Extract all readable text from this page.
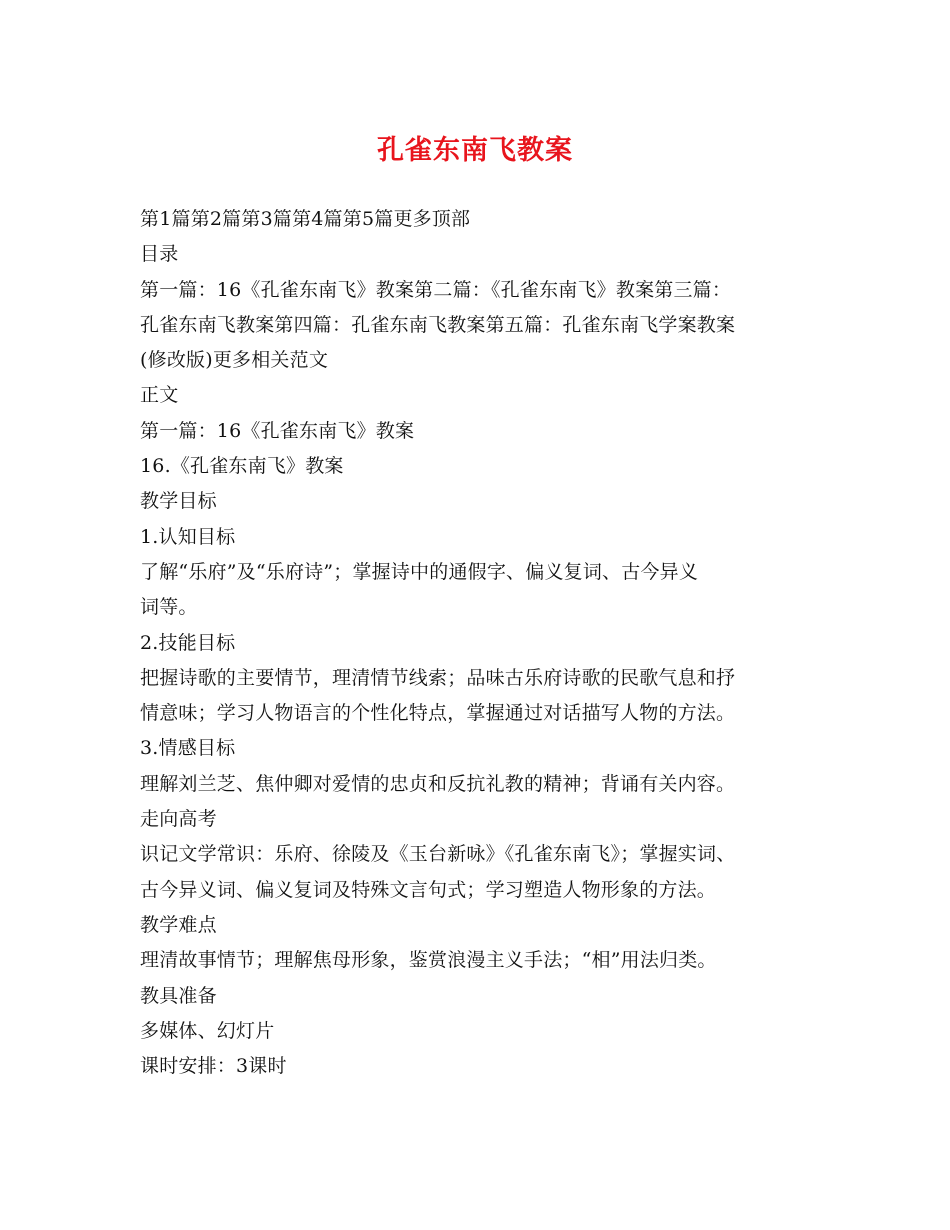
孔雀东南飞教案

第1篇第2篇第3篇第4篇第5篇更多顶部

目录

第一篇：16《孔雀东南飞》教案第二篇：《孔雀东南飞》教案第三篇：

孔雀东南飞教案第四篇：孔雀东南飞教案第五篇：孔雀东南飞学案教案

(修改版)更多相关范文

正文

第一篇：16《孔雀东南飞》教案

16.《孔雀东南飞》教案

教学目标

1.认知目标

了解“乐府”及“乐府诗”；掌握诗中的通假字、偏义复词、古今异义

词等。

2.技能目标

把握诗歌的主要情节，理清情节线索；品味古乐府诗歌的民歌气息和抒

情意味；学习人物语言的个性化特点，掌握通过对话描写人物的方法。

3.情感目标

理解刘兰芝、焦仲卿对爱情的忠贞和反抗礼教的精神；背诵有关内容。

走向高考

识记文学常识：乐府、徐陵及《玉台新咏》《孔雀东南飞》；掌握实词、

古今异义词、偏义复词及特殊文言句式；学习塑造人物形象的方法。

教学难点

理清故事情节；理解焦母形象，鉴赏浪漫主义手法；“相”用法归类。

教具准备

多媒体、幻灯片

课时安排：3课时
